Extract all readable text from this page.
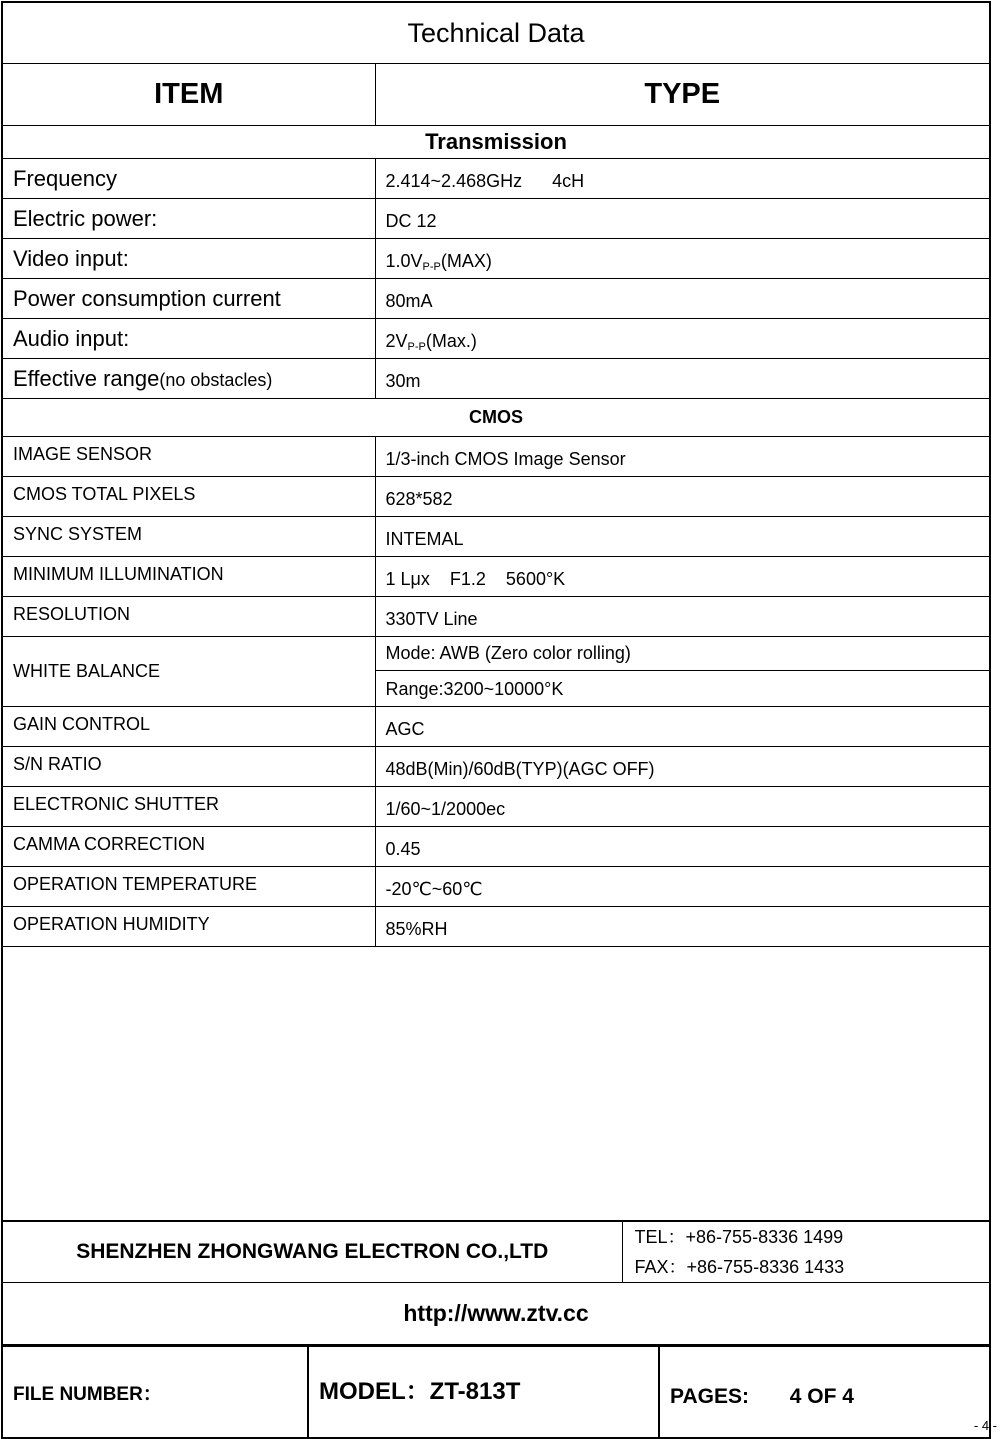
Technical Data	
ITEM	TYPE
Transmission	
Frequency	2.414~2.468GHz      4cH
Electric power:	DC 12
Video input:	$1.0V_{P-P}(MAX)$
Power consumption current	80mA
Audio input:	$2V_{P-P}(Max.)$
Effective range(no obstacles)	30m
CMOS	
IMAGE SENSOR	1/3-inch CMOS Image Sensor
CMOS TOTAL PIXELS	628*582
SYNC SYSTEM	INTEMAL
MINIMUM ILLUMINATION	1 Lμx    F1.2    5600°K
RESOLUTION	330TV Line
WHITE BALANCE	Mode: AWB (Zero color rolling)
	Range:3200~10000°K
GAIN CONTROL	AGC
S/N RATIO	48dB(Min)/60dB(TYP)(AGC OFF)
ELECTRONIC SHUTTER	1/60~1/2000ec
CAMMA CORRECTION	0.45
OPERATION TEMPERATURE	-20℃~60℃
OPERATION HUMIDITY	85%RH

SHENZHEN ZHONGWANG ELECTRON CO.,LTD	
TEL：+86-755-8336 1499
FAX：+86-755-8336 1433

http://www.ztv.cc
FILE NUMBER：	MODEL：ZT-813T	PAGES:       4 OF 4
- 4 -
